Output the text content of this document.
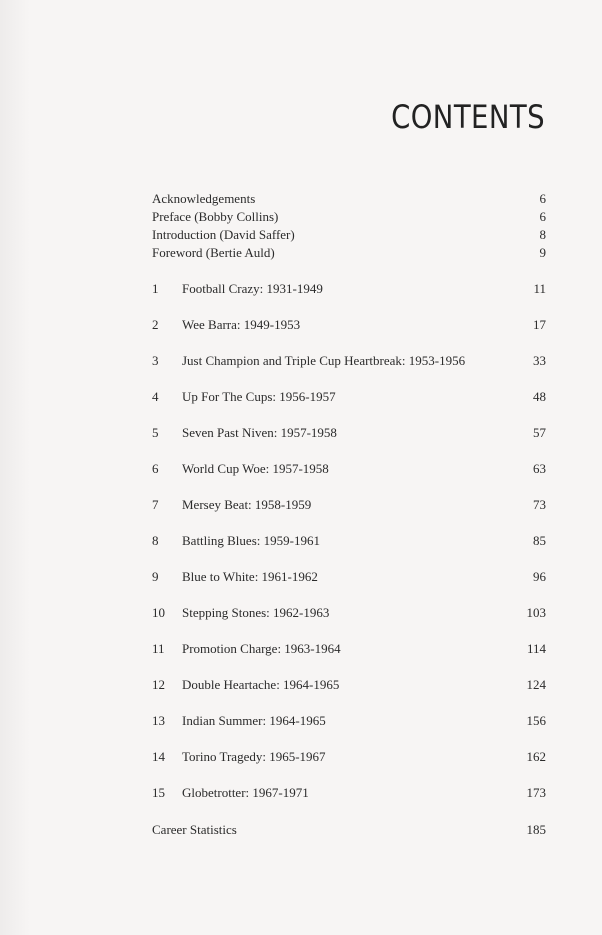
CONTENTS
Acknowledgements	6
Preface (Bobby Collins)	6
Introduction (David Saffer)	8
Foreword (Bertie Auld)	9
1	Football Crazy: 1931-1949	11
2	Wee Barra: 1949-1953	17
3	Just Champion and Triple Cup Heartbreak: 1953-1956	33
4	Up For The Cups: 1956-1957	48
5	Seven Past Niven: 1957-1958	57
6	World Cup Woe: 1957-1958	63
7	Mersey Beat: 1958-1959	73
8	Battling Blues: 1959-1961	85
9	Blue to White: 1961-1962	96
10	Stepping Stones: 1962-1963	103
11	Promotion Charge: 1963-1964	114
12	Double Heartache: 1964-1965	124
13	Indian Summer: 1964-1965	156
14	Torino Tragedy: 1965-1967	162
15	Globetrotter: 1967-1971	173
Career Statistics	185
